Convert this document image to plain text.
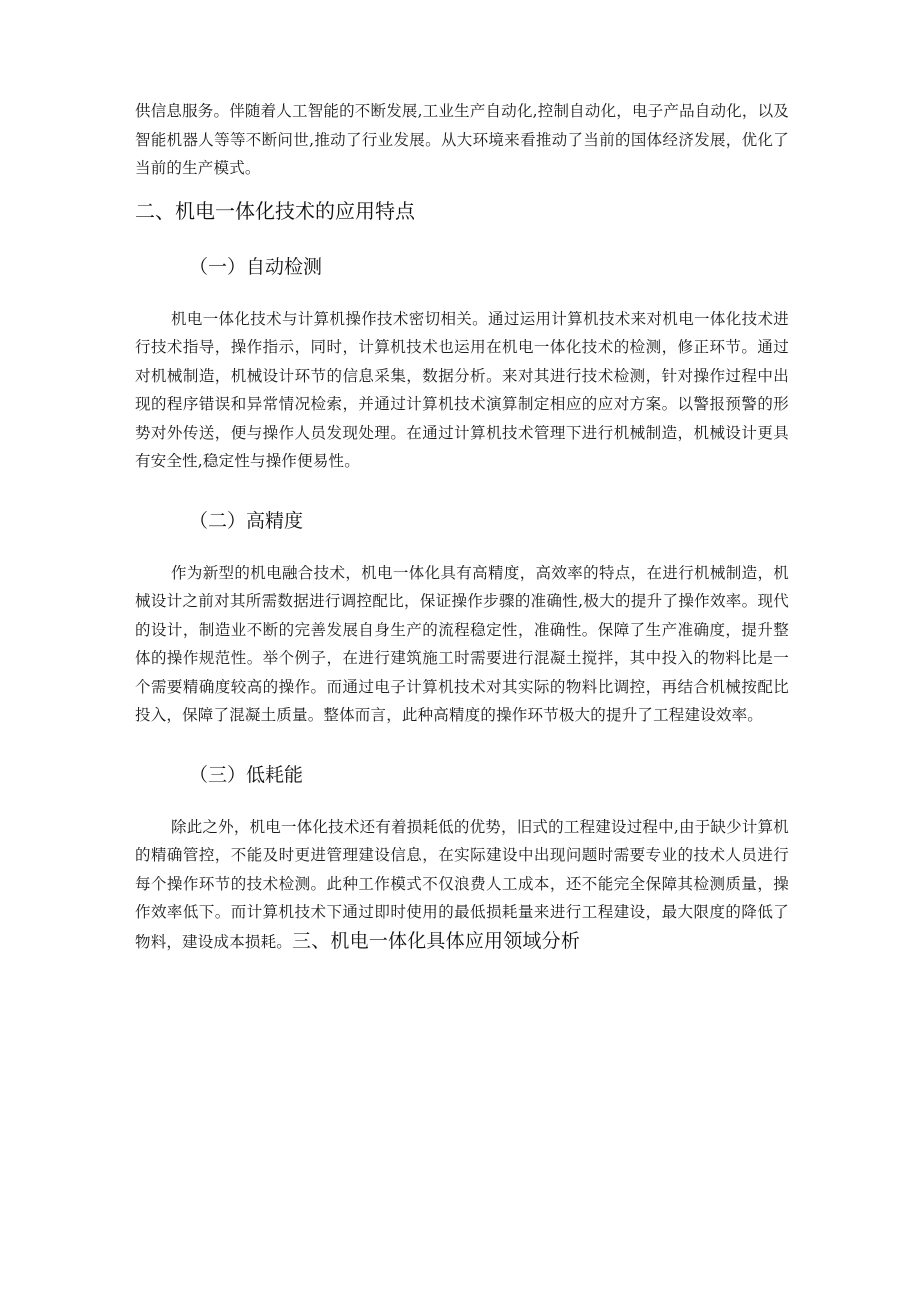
供信息服务。伴随着人工智能的不断发展,工业生产自动化,控制自动化，电子产品自动化，以及智能机器人等等不断问世,推动了行业发展。从大环境来看推动了当前的国体经济发展，优化了当前的生产模式。

二、机电一体化技术的应用特点
（一）自动检测

机电一体化技术与计算机操作技术密切相关。通过运用计算机技术来对机电一体化技术进行技术指导，操作指示，同时，计算机技术也运用在机电一体化技术的检测，修正环节。通过对机械制造，机械设计环节的信息采集，数据分析。来对其进行技术检测，针对操作过程中出现的程序错误和异常情况检索，并通过计算机技术演算制定相应的应对方案。以警报预警的形势对外传送，便与操作人员发现处理。在通过计算机技术管理下进行机械制造，机械设计更具有安全性,稳定性与操作便易性。

（二）高精度

作为新型的机电融合技术，机电一体化具有高精度，高效率的特点，在进行机械制造，机械设计之前对其所需数据进行调控配比，保证操作步骤的准确性,极大的提升了操作效率。现代的设计，制造业不断的完善发展自身生产的流程稳定性，准确性。保障了生产准确度，提升整体的操作规范性。举个例子，在进行建筑施工时需要进行混凝土搅拌，其中投入的物料比是一个需要精确度较高的操作。而通过电子计算机技术对其实际的物料比调控，再结合机械按配比投入，保障了混凝土质量。整体而言，此种高精度的操作环节极大的提升了工程建设效率。

（三）低耗能

除此之外，机电一体化技术还有着损耗低的优势，旧式的工程建设过程中,由于缺少计算机的精确管控，不能及时更进管理建设信息，在实际建设中出现问题时需要专业的技术人员进行每个操作环节的技术检测。此种工作模式不仅浪费人工成本，还不能完全保障其检测质量，操作效率低下。而计算机技术下通过即时使用的最低损耗量来进行工程建设，最大限度的降低了物料，建设成本损耗。三、机电一体化具体应用领域分析
